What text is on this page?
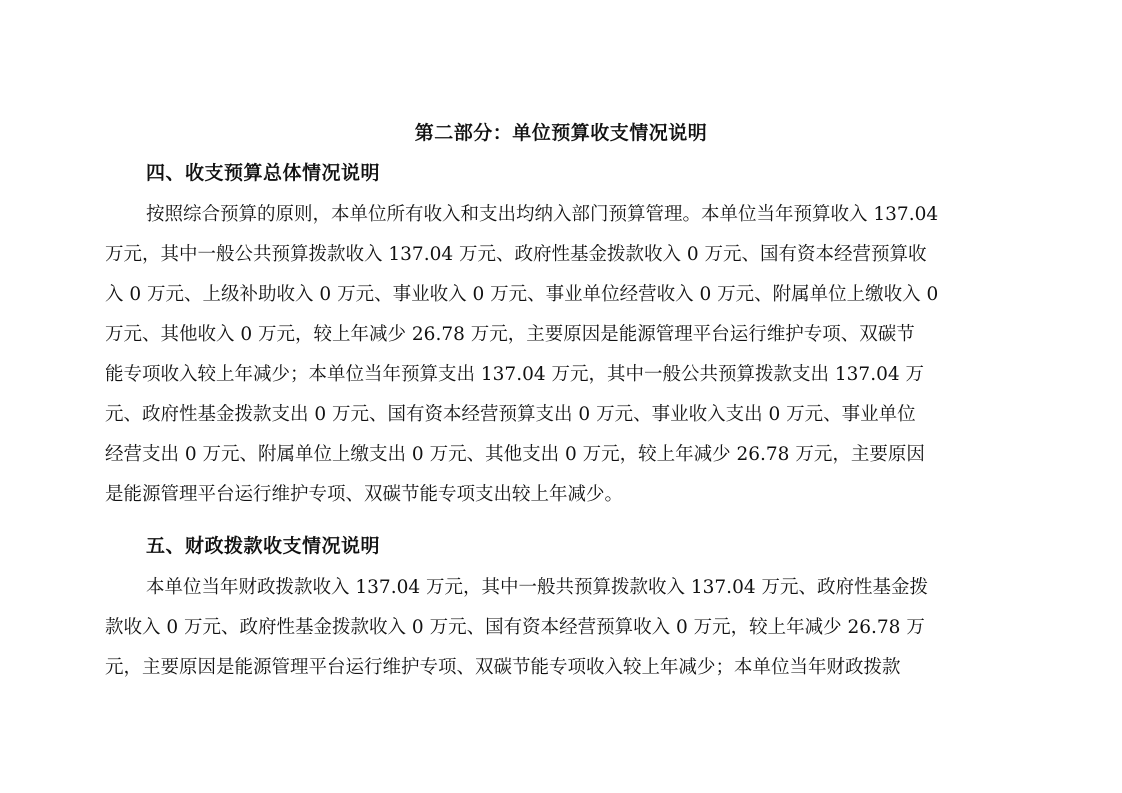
第二部分：单位预算收支情况说明
四、收支预算总体情况说明
按照综合预算的原则，本单位所有收入和支出均纳入部门预算管理。本单位当年预算收入 137.04
万元，其中一般公共预算拨款收入 137.04 万元、政府性基金拨款收入 0 万元、国有资本经营预算收
入 0 万元、上级补助收入 0 万元、事业收入 0 万元、事业单位经营收入 0 万元、附属单位上缴收入 0
万元、其他收入 0 万元，较上年减少 26.78 万元，主要原因是能源管理平台运行维护专项、双碳节
能专项收入较上年减少；本单位当年预算支出 137.04 万元，其中一般公共预算拨款支出 137.04 万
元、政府性基金拨款支出 0 万元、国有资本经营预算支出 0 万元、事业收入支出 0 万元、事业单位
经营支出 0 万元、附属单位上缴支出 0 万元、其他支出 0 万元，较上年减少 26.78 万元，主要原因
是能源管理平台运行维护专项、双碳节能专项支出较上年减少。
五、财政拨款收支情况说明
本单位当年财政拨款收入 137.04 万元，其中一般共预算拨款收入 137.04 万元、政府性基金拨
款收入 0 万元、政府性基金拨款收入 0 万元、国有资本经营预算收入 0 万元，较上年减少 26.78 万
元，主要原因是能源管理平台运行维护专项、双碳节能专项收入较上年减少；本单位当年财政拨款
